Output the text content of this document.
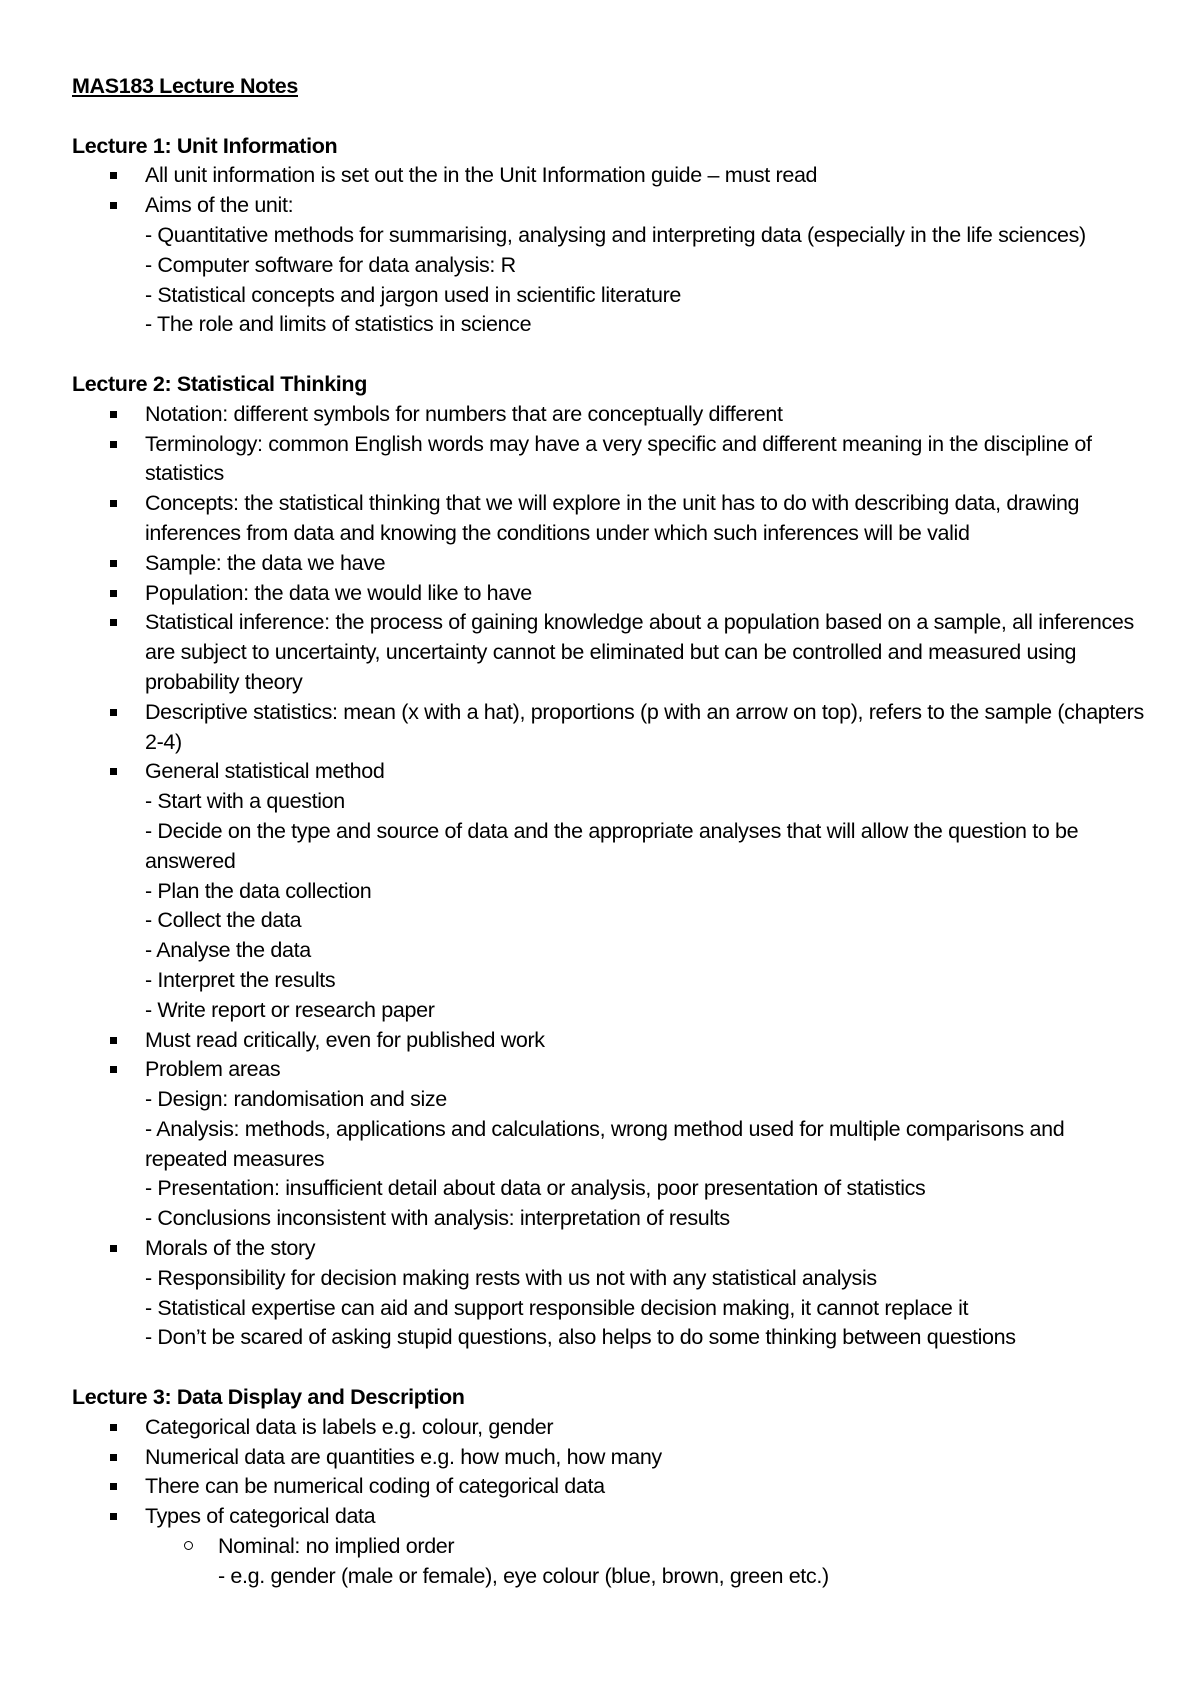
MAS183 Lecture Notes
Lecture 1: Unit Information
All unit information is set out the in the Unit Information guide – must read
Aims of the unit:
- Quantitative methods for summarising, analysing and interpreting data (especially in the life sciences)
- Computer software for data analysis: R
- Statistical concepts and jargon used in scientific literature
- The role and limits of statistics in science
Lecture 2: Statistical Thinking
Notation: different symbols for numbers that are conceptually different
Terminology: common English words may have a very specific and different meaning in the discipline of statistics
Concepts: the statistical thinking that we will explore in the unit has to do with describing data, drawing inferences from data and knowing the conditions under which such inferences will be valid
Sample: the data we have
Population: the data we would like to have
Statistical inference: the process of gaining knowledge about a population based on a sample, all inferences are subject to uncertainty, uncertainty cannot be eliminated but can be controlled and measured using probability theory
Descriptive statistics: mean (x with a hat), proportions (p with an arrow on top), refers to the sample (chapters 2-4)
General statistical method
- Start with a question
- Decide on the type and source of data and the appropriate analyses that will allow the question to be answered
- Plan the data collection
- Collect the data
- Analyse the data
- Interpret the results
- Write report or research paper
Must read critically, even for published work
Problem areas
- Design: randomisation and size
- Analysis: methods, applications and calculations, wrong method used for multiple comparisons and repeated measures
- Presentation: insufficient detail about data or analysis, poor presentation of statistics
- Conclusions inconsistent with analysis: interpretation of results
Morals of the story
- Responsibility for decision making rests with us not with any statistical analysis
- Statistical expertise can aid and support responsible decision making, it cannot replace it
- Don’t be scared of asking stupid questions, also helps to do some thinking between questions
Lecture 3: Data Display and Description
Categorical data is labels e.g. colour, gender
Numerical data are quantities e.g. how much, how many
There can be numerical coding of categorical data
Types of categorical data
Nominal: no implied order
- e.g. gender (male or female), eye colour (blue, brown, green etc.)
